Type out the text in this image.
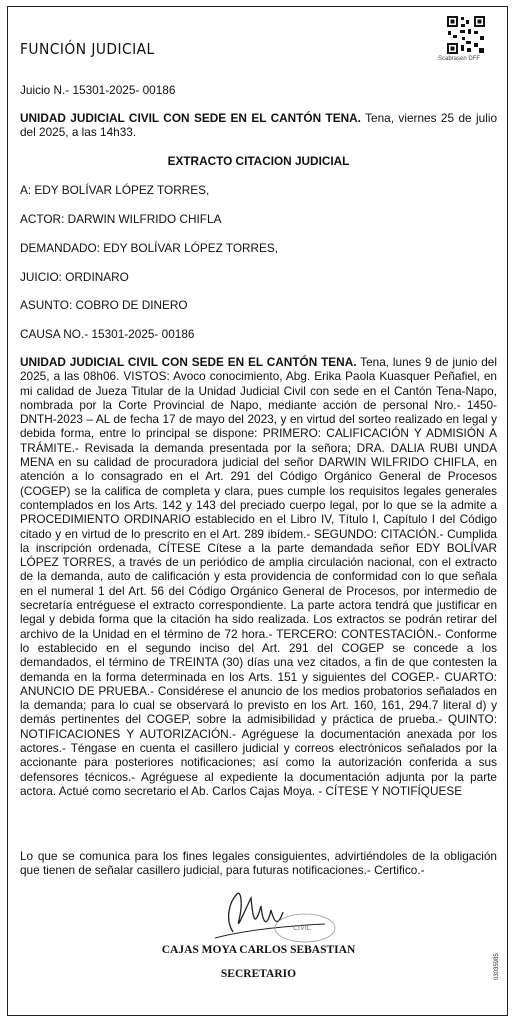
FUNCIÓN JUDICIAL
Scabrasen DFF
Juicio N.- 15301-2025- 00186
UNIDAD JUDICIAL CIVIL CON SEDE EN EL CANTÓN TENA. Tena, viernes 25 de julio del 2025, a las 14h33.
EXTRACTO CITACION JUDICIAL
A: EDY BOLÍVAR LÓPEZ TORRES,
ACTOR: DARWIN WILFRIDO CHIFLA
DEMANDADO: EDY BOLÍVAR LÓPEZ TORRES,
JUICIO: ORDINARO
ASUNTO: COBRO DE DINERO
CAUSA NO.- 15301-2025- 00186
UNIDAD JUDICIAL CIVIL CON SEDE EN EL CANTÓN TENA. Tena, lunes 9 de junio del 2025, a las 08h06. VISTOS: Avoco conocimiento, Abg. Erika Paola Kuasquer Peñafiel, en mi calidad de Jueza Titular de la Unidad Judicial Civil con sede en el Cantón Tena-Napo, nombrada por la Corte Provincial de Napo, mediante acción de personal Nro.- 1450-DNTH-2023 – AL de fecha 17 de mayo del 2023, y en virtud del sorteo realizado en legal y debida forma, entre lo principal se dispone: PRIMERO: CALIFICACIÓN Y ADMISIÓN A TRÁMITE.- Revisada la demanda presentada por la señora; DRA. DALIA RUBI UNDA MENA en su calidad de procuradora judicial del señor DARWIN WILFRIDO CHIFLA, en atención a lo consagrado en el Art. 291 del Código Orgánico General de Procesos (COGEP) se la califica de completa y clara, pues cumple los requisitos legales generales contemplados en los Arts. 142 y 143 del preciado cuerpo legal, por lo que se la admite a PROCEDIMIENTO ORDINARIO establecido en el Libro IV, Título I, Capítulo I del Código citado y en virtud de lo prescrito en el Art. 289 ibídem.- SEGUNDO: CITACIÓN.- Cumplida la inscripción ordenada, CÍTESE Cítese a la parte demandada señor EDY BOLÍVAR LÓPEZ TORRES, a través de un periódico de amplia circulación nacional, con el extracto de la demanda, auto de calificación y esta providencia de conformidad con lo que señala en el numeral 1 del Art. 56 del Código Orgánico General de Procesos, por intermedio de secretaría entréguese el extracto correspondiente. La parte actora tendrá que justificar en legal y debida forma que la citación ha sido realizada. Los extractos se podrán retirar del archivo de la Unidad en el término de 72 hora.- TERCERO: CONTESTACIÓN.- Conforme lo establecido en el segundo inciso del Art. 291 del COGEP se concede a los demandados, el término de TREINTA (30) días una vez citados, a fin de que contesten la demanda en la forma determinada en los Arts. 151 y siguientes del COGEP.- CUARTO: ANUNCIO DE PRUEBA.- Considérese el anuncio de los medios probatorios señalados en la demanda; para lo cual se observará lo previsto en los Art. 160, 161, 294.7 literal d) y demás pertinentes del COGEP, sobre la admisibilidad y práctica de prueba.- QUINTO: NOTIFICACIONES Y AUTORIZACIÓN.- Agréguese la documentación anexada por los actores.- Téngase en cuenta el casillero judicial y correos electrónicos señalados por la accionante para posteriores notificaciones; así como la autorización conferida a sus defensores técnicos.- Agréguese al expediente la documentación adjunta por la parte actora. Actué como secretario el Ab. Carlos Cajas Moya. - CÍTESE Y NOTIFÍQUESE
Lo que se comunica para los fines legales consiguientes, advirtiéndoles de la obligación que tienen de señalar casillero judicial, para futuras notificaciones.- Certifico.-
CIVIL
CAJAS MOYA CARLOS SEBASTIAN
SECRETARIO	03035985
